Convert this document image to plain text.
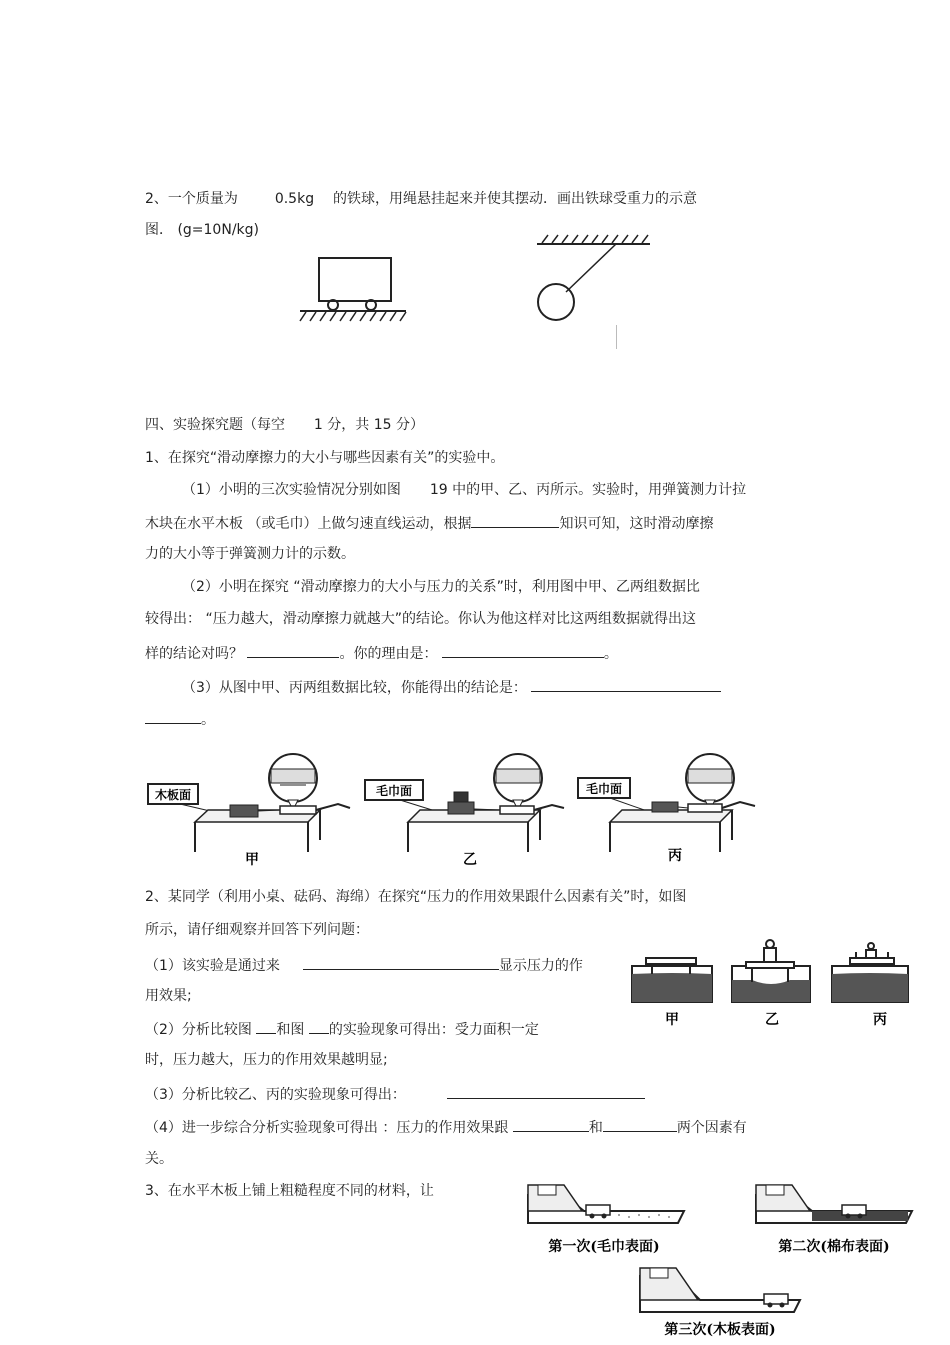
2、一个质量为	0.5kg 的铁球，用绳悬挂起来并使其摆动．画出铁球受重力的示意
图． (g=10N/kg)
四、实验探究题（每空 1 分，共 15 分）
1、在探究“滑动摩擦力的大小与哪些因素有关”的实验中。
（1）小明的三次实验情况分别如图 19 中的甲、乙、丙所示。实验时，用弹簧测力计拉
木块在水平木板 （或毛巾）上做匀速直线运动，根据	知识可知，这时滑动摩擦
力的大小等于弹簧测力计的示数。
（2）小明在探究 “滑动摩擦力的大小与压力的关系”时，利用图中甲、乙两组数据比
较得出： “压力越大，滑动摩擦力就越大”的结论。你认为他这样对比这两组数据就得出这
样的结论对吗？	。你的理由是：	。
（3）从图中甲、丙两组数据比较，你能得出的结论是：
。
木板面
甲
毛巾面
乙
毛巾面
丙
2、某同学（利用小桌、砝码、海绵）在探究“压力的作用效果跟什么因素有关”时，如图
所示，请仔细观察并回答下列问题：
（1）该实验是通过来	显示压力的作
用效果;
（2）分析比较图 和图 的实验现象可得出：受力面积一定
时，压力越大，压力的作用效果越明显;
（3）分析比较乙、丙的实验现象可得出：
（4）进一步综合分析实验现象可得出 ：压力的作用效果跟	和	两个因素有
关。
甲	乙	丙
3、在水平木板上铺上粗糙程度不同的材料，让
第一次(毛巾表面)	第二次(棉布表面)
第三次(木板表面)
